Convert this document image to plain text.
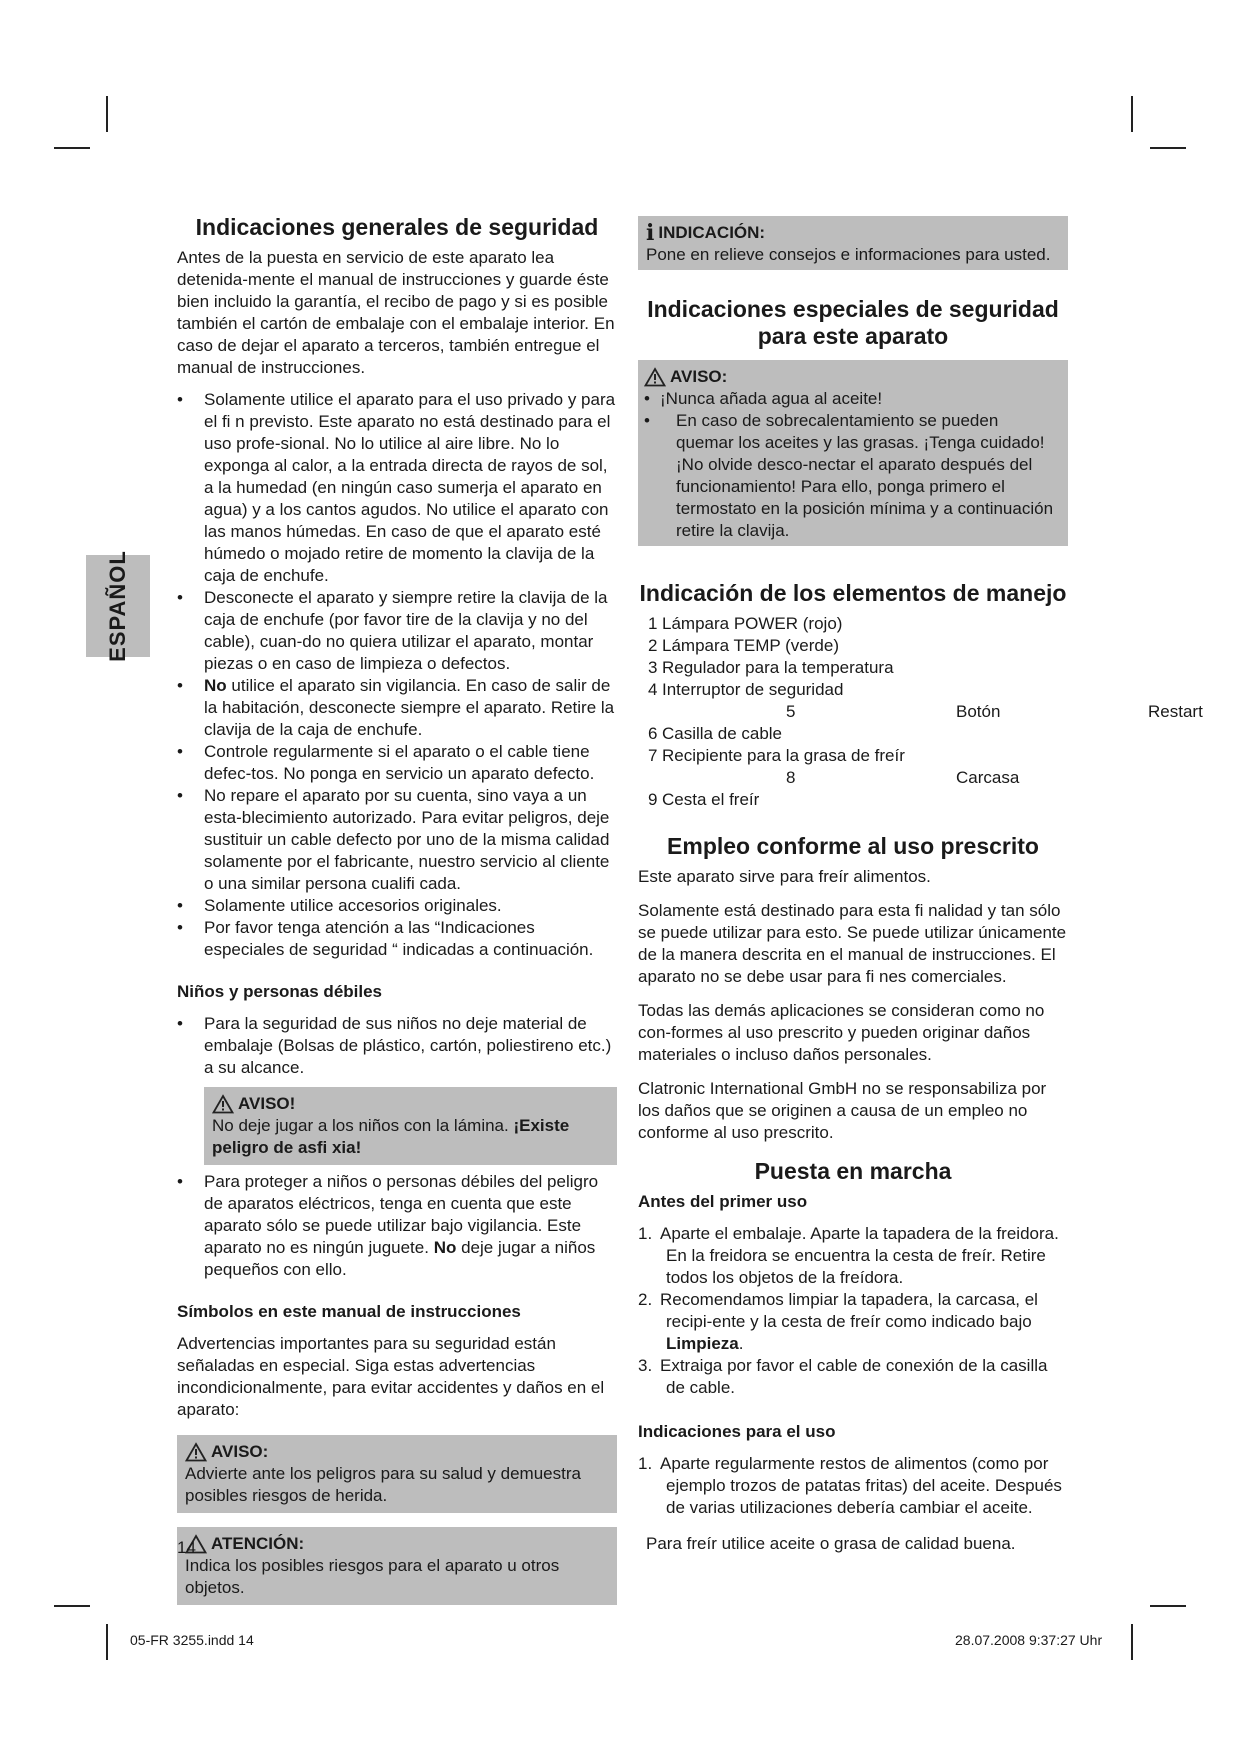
ESPAÑOL
Indicaciones generales de seguridad

Antes de la puesta en servicio de este aparato lea detenida-mente el manual de instrucciones y guarde éste bien incluido la garantía, el recibo de pago y si es posible también el cartón de embalaje con el embalaje interior. En caso de dejar el aparato a terceros, también entregue el manual de instrucciones.

• Solamente utilice el aparato para el uso privado y para el fi n previsto. Este aparato no está destinado para el uso profe-sional. No lo utilice al aire libre. No lo exponga al calor, a la entrada directa de rayos de sol, a la humedad (en ningún caso sumerja el aparato en agua) y a los cantos agudos. No utilice el aparato con las manos húmedas. En caso de que el aparato esté húmedo o mojado retire de momento la clavija de la caja de enchufe.
• Desconecte el aparato y siempre retire la clavija de la caja de enchufe (por favor tire de la clavija y no del cable), cuan-do no quiera utilizar el aparato, montar piezas o en caso de limpieza o defectos.
• No utilice el aparato sin vigilancia. En caso de salir de la habitación, desconecte siempre el aparato. Retire la clavija de la caja de enchufe.
• Controle regularmente si el aparato o el cable tiene defec-tos. No ponga en servicio un aparato defecto.
• No repare el aparato por su cuenta, sino vaya a un esta-blecimiento autorizado. Para evitar peligros, deje sustituir un cable defecto por uno de la misma calidad solamente por el fabricante, nuestro servicio al cliente o una similar persona cualifi cada.
• Solamente utilice accesorios originales.
• Por favor tenga atención a las “Indicaciones especiales de seguridad “ indicadas a continuación.
Niños y personas débiles
• Para la seguridad de sus niños no deje material de embalaje (Bolsas de plástico, cartón, poliestireno etc.) a su alcance.
AVISO!

No deje jugar a los niños con la lámina. ¡Existe peligro de asfi xia!

• Para proteger a niños o personas débiles del peligro de aparatos eléctricos, tenga en cuenta que este aparato sólo se puede utilizar bajo vigilancia. Este aparato no es ningún juguete. No deje jugar a niños pequeños con ello.
Símbolos en este manual de instrucciones

Advertencias importantes para su seguridad están señaladas en especial. Siga estas advertencias incondicionalmente, para evitar accidentes y daños en el aparato:

AVISO:

Advierte ante los peligros para su salud y demuestra posibles riesgos de herida.

ATENCIÓN:

Indica los posibles riesgos para el aparato u otros objetos.

14
i INDICACIÓN:

Pone en relieve consejos e informaciones para usted.

Indicaciones especiales de seguridad
para este aparato
AVISO:
• ¡Nunca añada agua al aceite!
• En caso de sobrecalentamiento se pueden quemar los aceites y las grasas. ¡Tenga cuidado! ¡No olvide desco-nectar el aparato después del funcionamiento! Para ello, ponga primero el termostato en la posición mínima y a continuación retire la clavija.
Indicación de los elementos de manejo
1 Lámpara POWER (rojo)
2 Lámpara TEMP (verde)
3 Regulador para la temperatura
4 Interruptor de seguridad
5	Botón	Restart
6 Casilla de cable
7 Recipiente para la grasa de freír
8	Carcasa
9 Cesta el freír
Empleo conforme al uso prescrito

Este aparato sirve para freír alimentos.

Solamente está destinado para esta fi nalidad y tan sólo se puede utilizar para esto. Se puede utilizar únicamente de la manera descrita en el manual de instrucciones. El aparato no se debe usar para fi nes comerciales.

Todas las demás aplicaciones se consideran como no con-formes al uso prescrito y pueden originar daños materiales o incluso daños personales.

Clatronic International GmbH no se responsabiliza por los daños que se originen a causa de un empleo no conforme al uso prescrito.

Puesta en marcha
Antes del primer uso
1. Aparte el embalaje. Aparte la tapadera de la freidora. En la freidora se encuentra la cesta de freír. Retire todos los objetos de la freídora.
2. Recomendamos limpiar la tapadera, la carcasa, el recipi-ente y la cesta de freír como indicado bajo Limpieza.
3. Extraiga por favor el cable de conexión de la casilla de cable.
Indicaciones para el uso
1. Aparte regularmente restos de alimentos (como por ejemplo trozos de patatas fritas) del aceite. Después de varias utilizaciones debería cambiar el aceite.

Para freír utilice aceite o grasa de calidad buena.

05-FR 3255.indd 14	28.07.2008 9:37:27 Uhr
